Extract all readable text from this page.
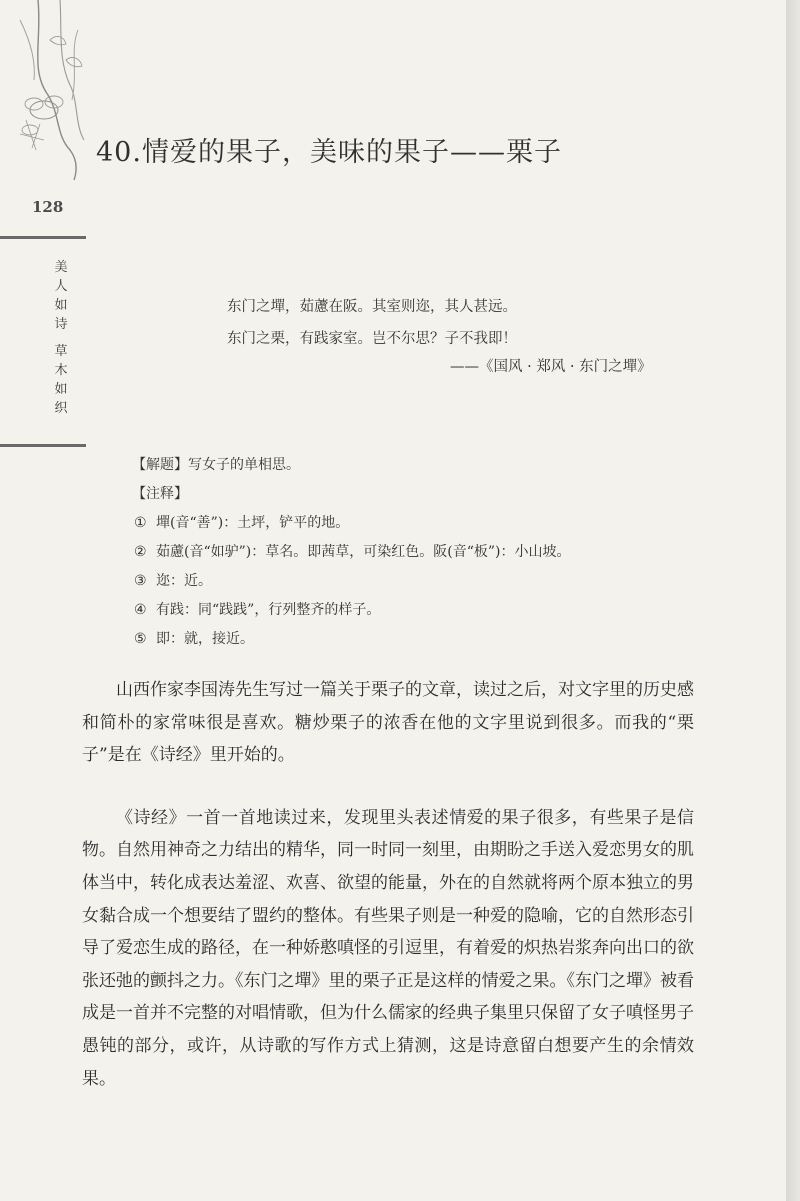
40.情爱的果子，美味的果子——栗子
128
美
人
如
诗
草
木
如
织
东门之墠，茹藘在阪。其室则迩，其人甚远。
东门之栗，有践家室。岂不尔思？子不我即！
——《国风 · 郑风 · 东门之墠》
【解题】写女子的单相思。
【注释】
① 墠(音“善”)：土坪，铲平的地。
② 茹藘(音“如驴”)：草名。即茜草，可染红色。阪(音“板”)：小山坡。
③ 迩：近。
④ 有践：同“践践”，行列整齐的样子。
⑤ 即：就，接近。

山西作家李国涛先生写过一篇关于栗子的文章，读过之后，对文字里的历史感和简朴的家常味很是喜欢。糖炒栗子的浓香在他的文字里说到很多。而我的“栗子”是在《诗经》里开始的。

《诗经》一首一首地读过来，发现里头表述情爱的果子很多，有些果子是信物。自然用神奇之力结出的精华，同一时同一刻里，由期盼之手送入爱恋男女的肌体当中，转化成表达羞涩、欢喜、欲望的能量，外在的自然就将两个原本独立的男女黏合成一个想要结了盟约的整体。有些果子则是一种爱的隐喻，它的自然形态引导了爱恋生成的路径，在一种娇憨嗔怪的引逗里，有着爱的炽热岩浆奔向出口的欲张还弛的颤抖之力。《东门之墠》里的栗子正是这样的情爱之果。《东门之墠》被看成是一首并不完整的对唱情歌，但为什么儒家的经典子集里只保留了女子嗔怪男子愚钝的部分，或许，从诗歌的写作方式上猜测，这是诗意留白想要产生的余情效果。
